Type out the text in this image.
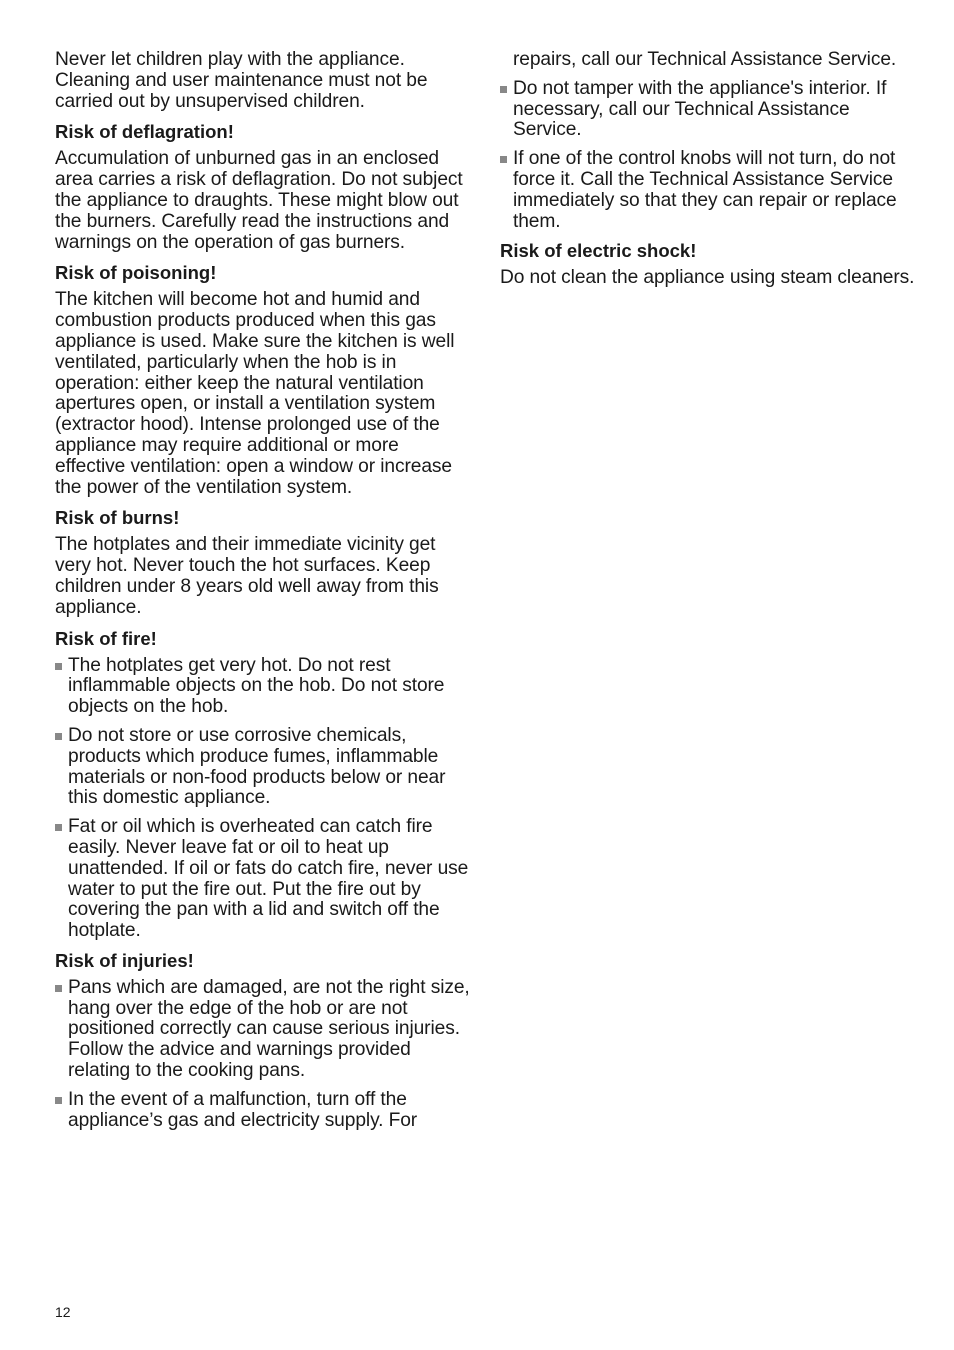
Never let children play with the appliance. Cleaning and user maintenance must not be carried out by unsupervised children.

Risk of deflagration!

Accumulation of unburned gas in an enclosed area carries a risk of deflagration. Do not subject the appliance to draughts. These might blow out the burners. Carefully read the instructions and warnings on the operation of gas burners.

Risk of poisoning!

The kitchen will become hot and humid and combustion products produced when this gas appliance is used. Make sure the kitchen is well ventilated, particularly when the hob is in operation: either keep the natural ventilation apertures open, or install a ventilation system (extractor hood). Intense prolonged use of the appliance may require additional or more effective ventilation: open a window or increase the power of the ventilation system.

Risk of burns!

The hotplates and their immediate vicinity get very hot. Never touch the hot surfaces. Keep children under 8 years old well away from this appliance.

Risk of fire!
The hotplates get very hot. Do not rest inflammable objects on the hob. Do not store objects on the hob.
Do not store or use corrosive chemicals, products which produce fumes, inflammable materials or non-food products below or near this domestic appliance.
Fat or oil which is overheated can catch fire easily. Never leave fat or oil to heat up unattended. If oil or fats do catch fire, never use water to put the fire out. Put the fire out by covering the pan with a lid and switch off the hotplate.
Risk of injuries!
Pans which are damaged, are not the right size, hang over the edge of the hob or are not positioned correctly can cause serious injuries. Follow the advice and warnings provided relating to the cooking pans.
In the event of a malfunction, turn off the appliance’s gas and electricity supply. For
repairs, call our Technical Assistance Service.
Do not tamper with the appliance's interior. If necessary, call our Technical Assistance Service.
If one of the control knobs will not turn, do not force it. Call the Technical Assistance Service immediately so that they can repair or replace them.
Risk of electric shock!

Do not clean the appliance using steam cleaners.

12
